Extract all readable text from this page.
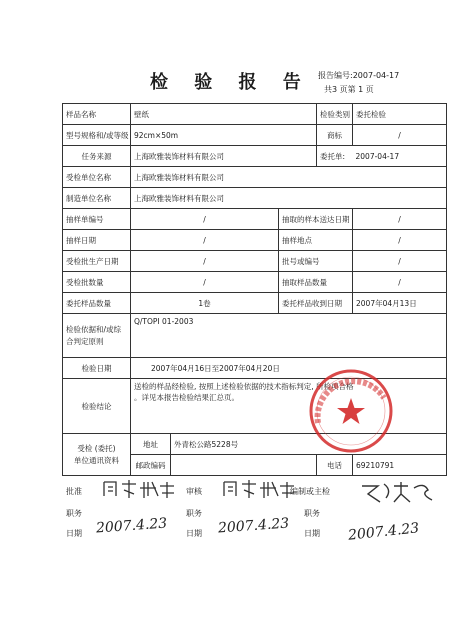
检 验 报 告 报告编号:2007-04-17
共3 页第 1 页
样品名称	壁纸			检验类别	委托检验
型号规格和/或等级	92cm×50m			商标	/
任务来源	上海欧雅装饰材料有限公司			委托单:	2007-04-17
受检单位名称	上海欧雅装饰材料有限公司				
制造单位名称	上海欧雅装饰材料有限公司				
抽样单编号	/		抽取的样本送达日期		/
抽样日期	/		抽样地点		/
受检批生产日期	/		批号或编号		/
受检批数量	/		抽取样品数量		/
委托样品数量	1卷		委托样品收到日期		2007年04月13日
检验依据和/或综合判定原则	Q/TOPI 01-2003				
检验日期	2007年04月16日至2007年04月20日				
检验结论	送检的样品经检验, 按照上述检验依据的技术指标判定, 所检项合格
。详见本报告检验结果汇总页。				

受检 (委托)
单位通讯资料	地址	外青松公路5228号			
	邮政编码			电话	69210791
批准	审核	编制或主检
职务	职务	职务
日期	日期	日期
2007.4.23	2007.4.23	2007.4.23
